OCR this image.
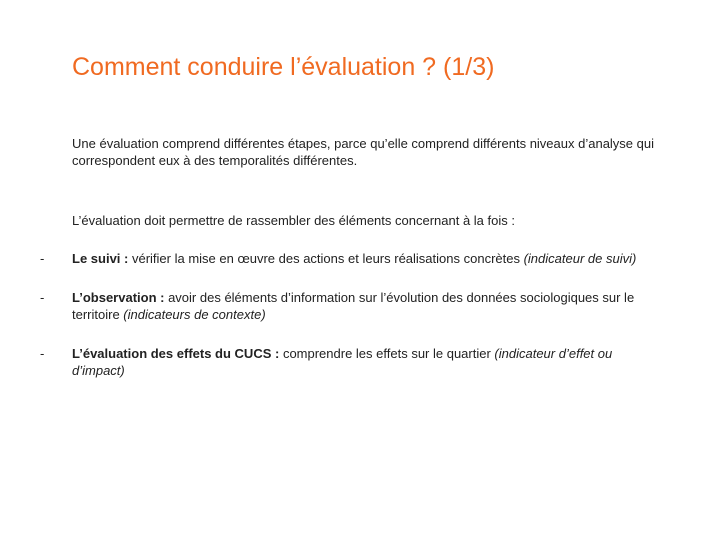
Comment conduire l’évaluation ? (1/3)

Une évaluation comprend différentes étapes, parce qu’elle comprend différents niveaux d’analyse qui correspondent eux à des temporalités différentes.

L’évaluation doit permettre de rassembler des éléments concernant à la fois :

- Le suivi : vérifier la mise en œuvre des actions et leurs réalisations concrètes (indicateur de suivi)
- L’observation : avoir des éléments d’information sur l’évolution des données sociologiques sur le territoire (indicateurs de contexte)
- L’évaluation des effets du CUCS : comprendre les effets sur le quartier (indicateur d’effet ou d’impact)
